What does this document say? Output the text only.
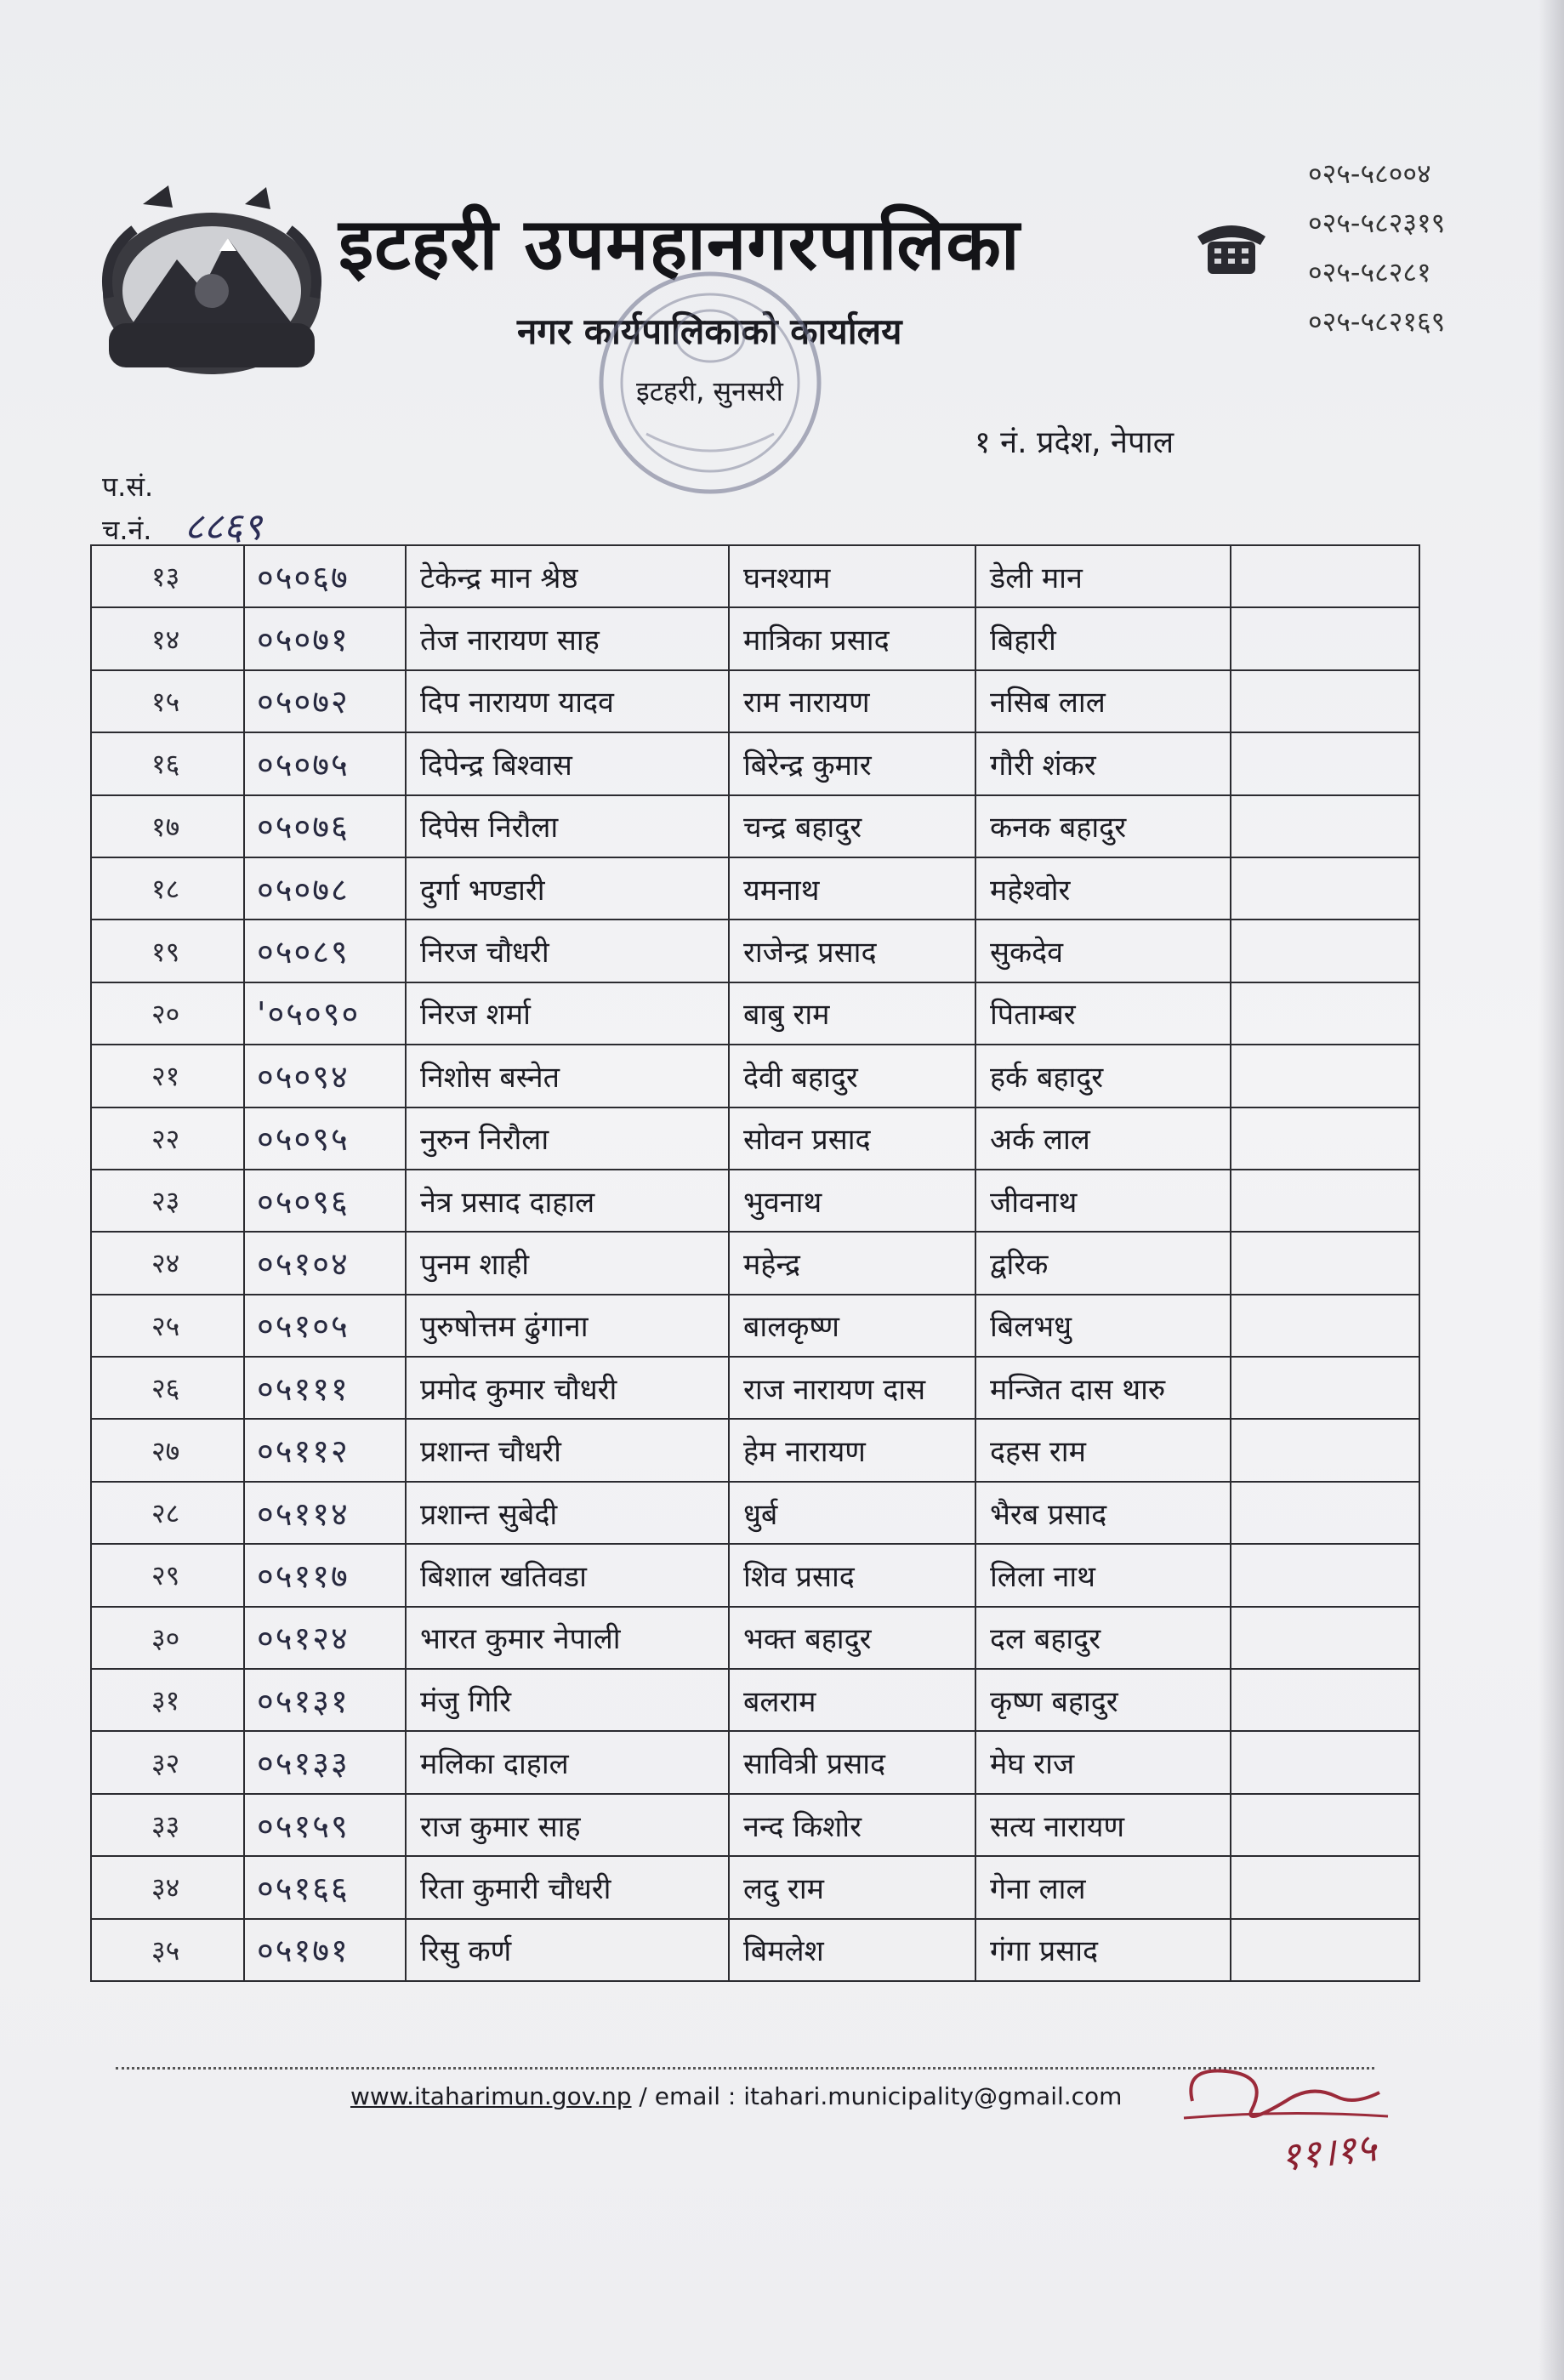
इटहरी उपमहानगरपालिका
नगर कार्यपालिकाको कार्यालय
इटहरी, सुनसरी
१ नं. प्रदेश, नेपाल
०२५-५८००४
०२५-५८२३१९
०२५-५८२८१
०२५-५८२१६९
प.सं.
च.नं. ८८६९
१३	०५०६७	टेकेन्द्र मान श्रेष्ठ	घनश्याम	डेली मान	
१४	०५०७१	तेज नारायण साह	मात्रिका प्रसाद	बिहारी	
१५	०५०७२	दिप नारायण यादव	राम नारायण	नसिब लाल	
१६	०५०७५	दिपेन्द्र बिश्वास	बिरेन्द्र कुमार	गौरी शंकर	
१७	०५०७६	दिपेस निरौला	चन्द्र बहादुर	कनक बहादुर	
१८	०५०७८	दुर्गा भण्डारी	यमनाथ	महेश्वोर	
१९	०५०८९	निरज चौधरी	राजेन्द्र प्रसाद	सुकदेव	
२०	'०५०९०	निरज शर्मा	बाबु राम	पिताम्बर	
२१	०५०९४	निशोस बस्नेत	देवी बहादुर	हर्क बहादुर	
२२	०५०९५	नुरुन निरौला	सोवन प्रसाद	अर्क लाल	
२३	०५०९६	नेत्र प्रसाद दाहाल	भुवनाथ	जीवनाथ	
२४	०५१०४	पुनम शाही	महेन्द्र	द्वरिक	
२५	०५१०५	पुरुषोत्तम ढुंगाना	बालकृष्ण	बिलभधु	
२६	०५१११	प्रमोद कुमार चौधरी	राज नारायण दास	मन्जित दास थारु	
२७	०५११२	प्रशान्त चौधरी	हेम नारायण	दहस राम	
२८	०५११४	प्रशान्त सुबेदी	धुर्ब	भैरब प्रसाद	
२९	०५११७	बिशाल खतिवडा	शिव प्रसाद	लिला नाथ	
३०	०५१२४	भारत कुमार नेपाली	भक्त बहादुर	दल बहादुर	
३१	०५१३१	मंजु गिरि	बलराम	कृष्ण बहादुर	
३२	०५१३३	मलिका दाहाल	सावित्री प्रसाद	मेघ राज	
३३	०५१५९	राज कुमार साह	नन्द किशोर	सत्य नारायण	
३४	०५१६६	रिता कुमारी चौधरी	लदु राम	गेना लाल	
३५	०५१७१	रिसु कर्ण	बिमलेश	गंगा प्रसाद	
www.itaharimun.gov.np / email : itahari.municipality@gmail.com
११।१५
